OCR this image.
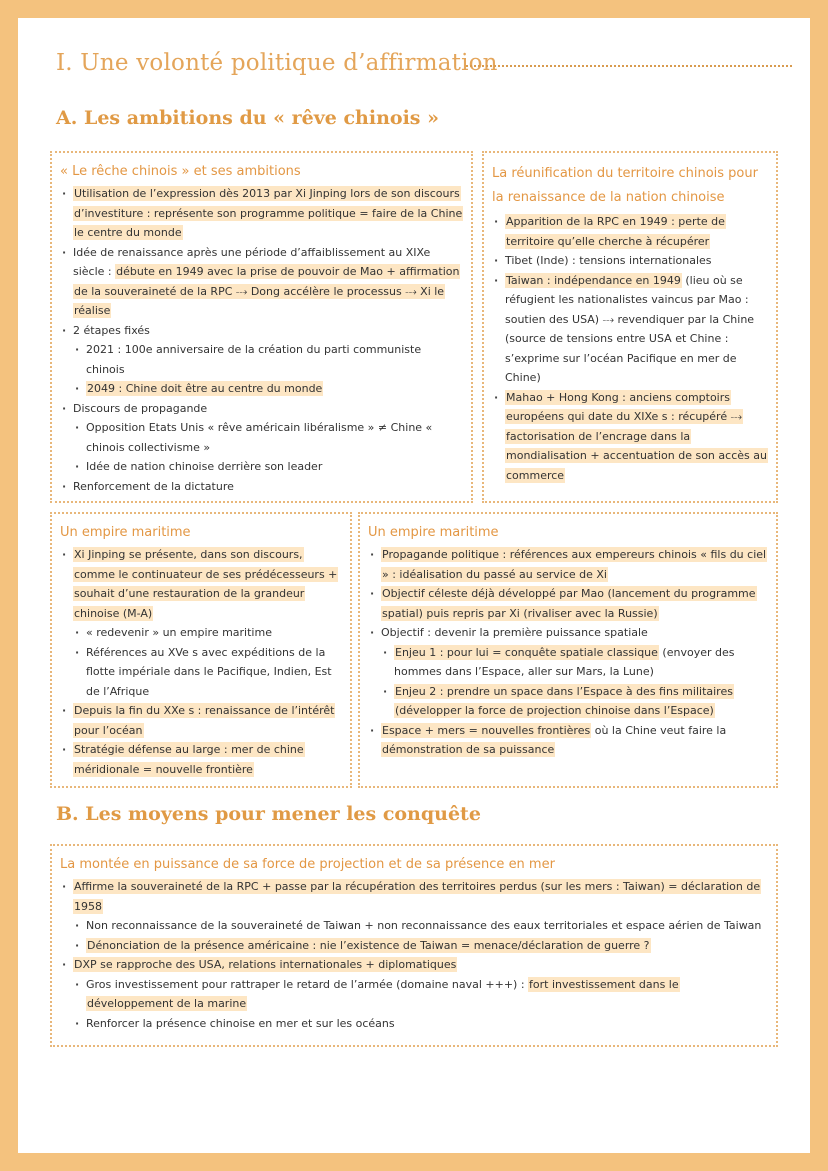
I. Une volonté politique d’affirmation
A. Les ambitions du « rêve chinois »
« Le rêche chinois » et ses ambitions
· Utilisation de l’expression dès 2013 par Xi Jinping lors de son discours d’investiture : représente son programme politique = faire de la Chine le centre du monde
· Idée de renaissance après une période d’affaiblissement au XIXe siècle : débute en 1949 avec la prise de pouvoir de Mao + affirmation de la souveraineté de la RPC ⤏ Dong accélère le processus ⤏ Xi le réalise
· 2 étapes fixés
· 2021 : 100e anniversaire de la création du parti communiste chinois
· 2049 : Chine doit être au centre du monde
· Discours de propagande
· Opposition Etats Unis « rêve américain libéralisme » ≠ Chine « chinois collectivisme »
· Idée de nation chinoise derrière son leader
· Renforcement de la dictature
La réunification du territoire chinois pour la renaissance de la nation chinoise
· Apparition de la RPC en 1949 : perte de territoire qu’elle cherche à récupérer
· Tibet (Inde) : tensions internationales
· Taiwan : indépendance en 1949 (lieu où se réfugient les nationalistes vaincus par Mao : soutien des USA) ⤏ revendiquer par la Chine (source de tensions entre USA et Chine : s’exprime sur l’océan Pacifique en mer de Chine)
· Mahao + Hong Kong : anciens comptoirs européens qui date du XIXe s : récupéré ⤏ factorisation de l’encrage dans la mondialisation + accentuation de son accès au commerce
Un empire maritime
· Xi Jinping se présente, dans son discours, comme le continuateur de ses prédécesseurs + souhait d’une restauration de la grandeur chinoise (M-A)
· « redevenir » un empire maritime
· Références au XVe s avec expéditions de la flotte impériale dans le Pacifique, Indien, Est de l’Afrique
· Depuis la fin du XXe s : renaissance de l’intérêt pour l’océan
· Stratégie défense au large : mer de chine méridionale = nouvelle frontière
Un empire maritime
· Propagande politique : références aux empereurs chinois « fils du ciel » : idéalisation du passé au service de Xi
· Objectif céleste déjà développé par Mao (lancement du programme spatial) puis repris par Xi (rivaliser avec la Russie)
· Objectif : devenir la première puissance spatiale
· Enjeu 1 : pour lui = conquête spatiale classique (envoyer des hommes dans l’Espace, aller sur Mars, la Lune)
· Enjeu 2 : prendre un space dans l’Espace à des fins militaires (développer la force de projection chinoise dans l’Espace)
· Espace + mers = nouvelles frontières où la Chine veut faire la démonstration de sa puissance
B. Les moyens pour mener les conquête
La montée en puissance de sa force de projection et de sa présence en mer
· Affirme la souveraineté de la RPC + passe par la récupération des territoires perdus (sur les mers : Taiwan) = déclaration de 1958
· Non reconnaissance de la souveraineté de Taiwan + non reconnaissance des eaux territoriales et espace aérien de Taiwan
· Dénonciation de la présence américaine : nie l’existence de Taiwan = menace/déclaration de guerre ?
· DXP se rapproche des USA, relations internationales + diplomatiques
· Gros investissement pour rattraper le retard de l’armée (domaine naval +++) : fort investissement dans le développement de la marine
· Renforcer la présence chinoise en mer et sur les océans
